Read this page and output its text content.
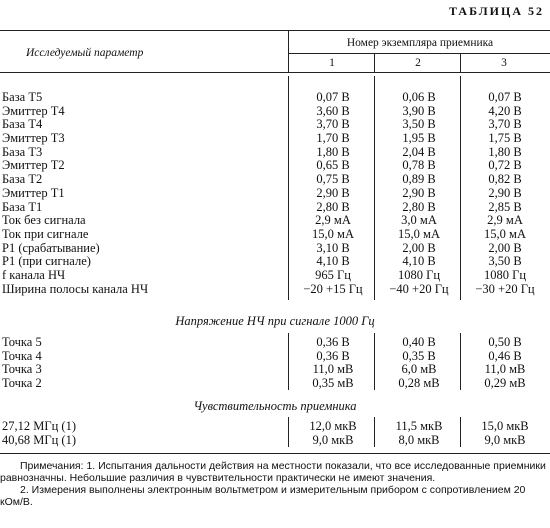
ТАБЛИЦА 52
Исследуемый параметр
Номер экземпляра приемника
1	2	3
База T5	0,07 В	0,06 В	0,07 В
Эмиттер T4	3,60 В	3,90 В	4,20 В
База T4	3,70 В	3,50 В	3,70 В
Эмиттер T3	1,70 В	1,95 В	1,75 В
База T3	1,80 В	2,04 В	1,80 В
Эмиттер T2	0,65 В	0,78 В	0,72 В
База T2	0,75 В	0,89 В	0,82 В
Эмиттер T1	2,90 В	2,90 В	2,90 В
База T1	2,80 В	2,80 В	2,85 В
Ток без сигнала	2,9 мА	3,0 мА	2,9 мА
Ток при сигнале	15,0 мА	15,0 мА	15,0 мА
P1 (срабатывание)	3,10 В	2,00 В	2,00 В
P1 (при сигнале)	4,10 В	4,10 В	3,50 В
f канала НЧ	965 Гц	1080 Гц	1080 Гц
Ширина полосы канала НЧ	−20 +15 Гц	−40 +20 Гц	−30 +20 Гц
Напряжение НЧ при сигнале 1000 Гц
Точка 5	0,36 В	0,40 В	0,50 В
Точка 4	0,36 В	0,35 В	0,46 В
Точка 3	11,0 мВ	6,0 мВ	11,0 мВ
Точка 2	0,35 мВ	0,28 мВ	0,29 мВ
Чувствительность приемника
27,12 МГц (1)	12,0 мкВ	11,5 мкВ	15,0 мкВ
40,68 МГц (1)	9,0 мкВ	8,0 мкВ	9,0 мкВ

Примечания: 1. Испытания дальности действия на местности показали, что все исследованные приемники равнозначны. Небольшие различия в чувствительности практически не имеют значения.

2. Измерения выполнены электронным вольтметром и измерительным прибором с сопротивлением 20 кОм/В.
